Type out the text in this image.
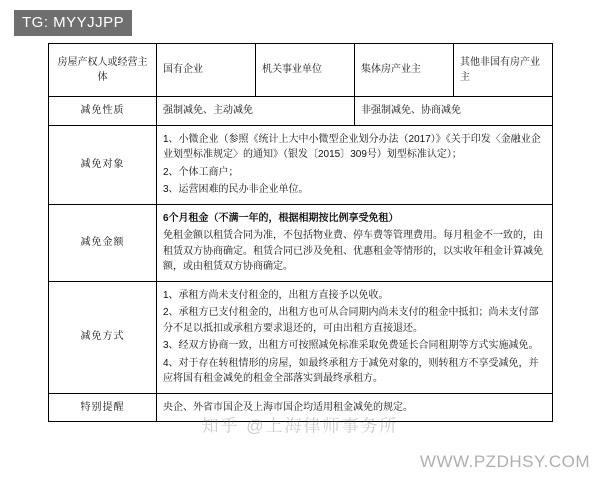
TG: MYYJJPP
房屋产权人或经营主体	国有企业	机关事业单位	集体房产业主	其他非国有房产业主
减免性质	强制减免、主动减免		非强制减免、协商减免	

减免对象	1、小微企业（参照《统计上大中小微型企业划分办法（2017）》《关于印发〈金融业企业划型标准规定〉的通知》（银发〔2015〕309号）划型标准认定）；

2、个体工商户；

3、运营困难的民办非企业单位。			

减免金额	6个月租金（不满一年的，根据相期按比例享受免租）

免租金额以租赁合同为准，不包括物业费、停车费等管理费用。每月租金不一致的，由租赁双方协商确定。租赁合同已涉及免租、优惠租金等情形的，以实收年租金计算减免额，或由租赁双方协商确定。			

减免方式	1、承租方尚未支付租金的，出租方直接予以免收。

2、承租方已支付租金的，出租方也可从合同期内尚未支付的租金中抵扣；尚未支付部分不足以抵扣或承租方要求退还的，可由出租方直接退还。

3、经双方协商一致，出租方可按照减免标准采取免费延长合同租期等方式实施减免。

4、对于存在转租情形的房屋，如最终承租方于减免对象的，则转租方不享受减免，并应将国有租金减免的租金全部落实到最终承租方。			

特别提醒	央企、外省市国企及上海市国企均适用租金减免的规定。			

知乎 @上海律师事务所
WWW.PZDHSY.COM
